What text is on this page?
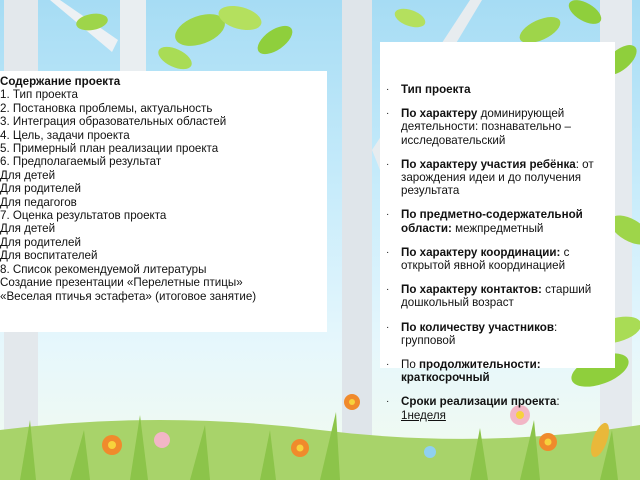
Содержание проекта
1. Тип проекта
2. Постановка проблемы, актуальность
3. Интеграция образовательных областей
4. Цель, задачи проекта
5. Примерный план реализации проекта
6. Предполагаемый результат
Для детей
Для родителей
Для педагогов
7. Оценка результатов проекта
Для детей
Для родителей
Для воспитателей
8. Список рекомендуемой литературы
Создание презентации «Перелетные птицы»
«Веселая птичья эстафета» (итоговое занятие)
· Тип проекта
· По характеру доминирующей деятельности: познавательно – исследовательский
· По характеру участия ребёнка: от зарождения идеи и до получения результата
· По предметно-содержательной области: межпредметный
· По характеру координации: с открытой явной координацией
· По характеру контактов: старший дошкольный возраст
· По количеству участников: групповой
· По продолжительности: краткосрочный
· Сроки реализации проекта:
1неделя
